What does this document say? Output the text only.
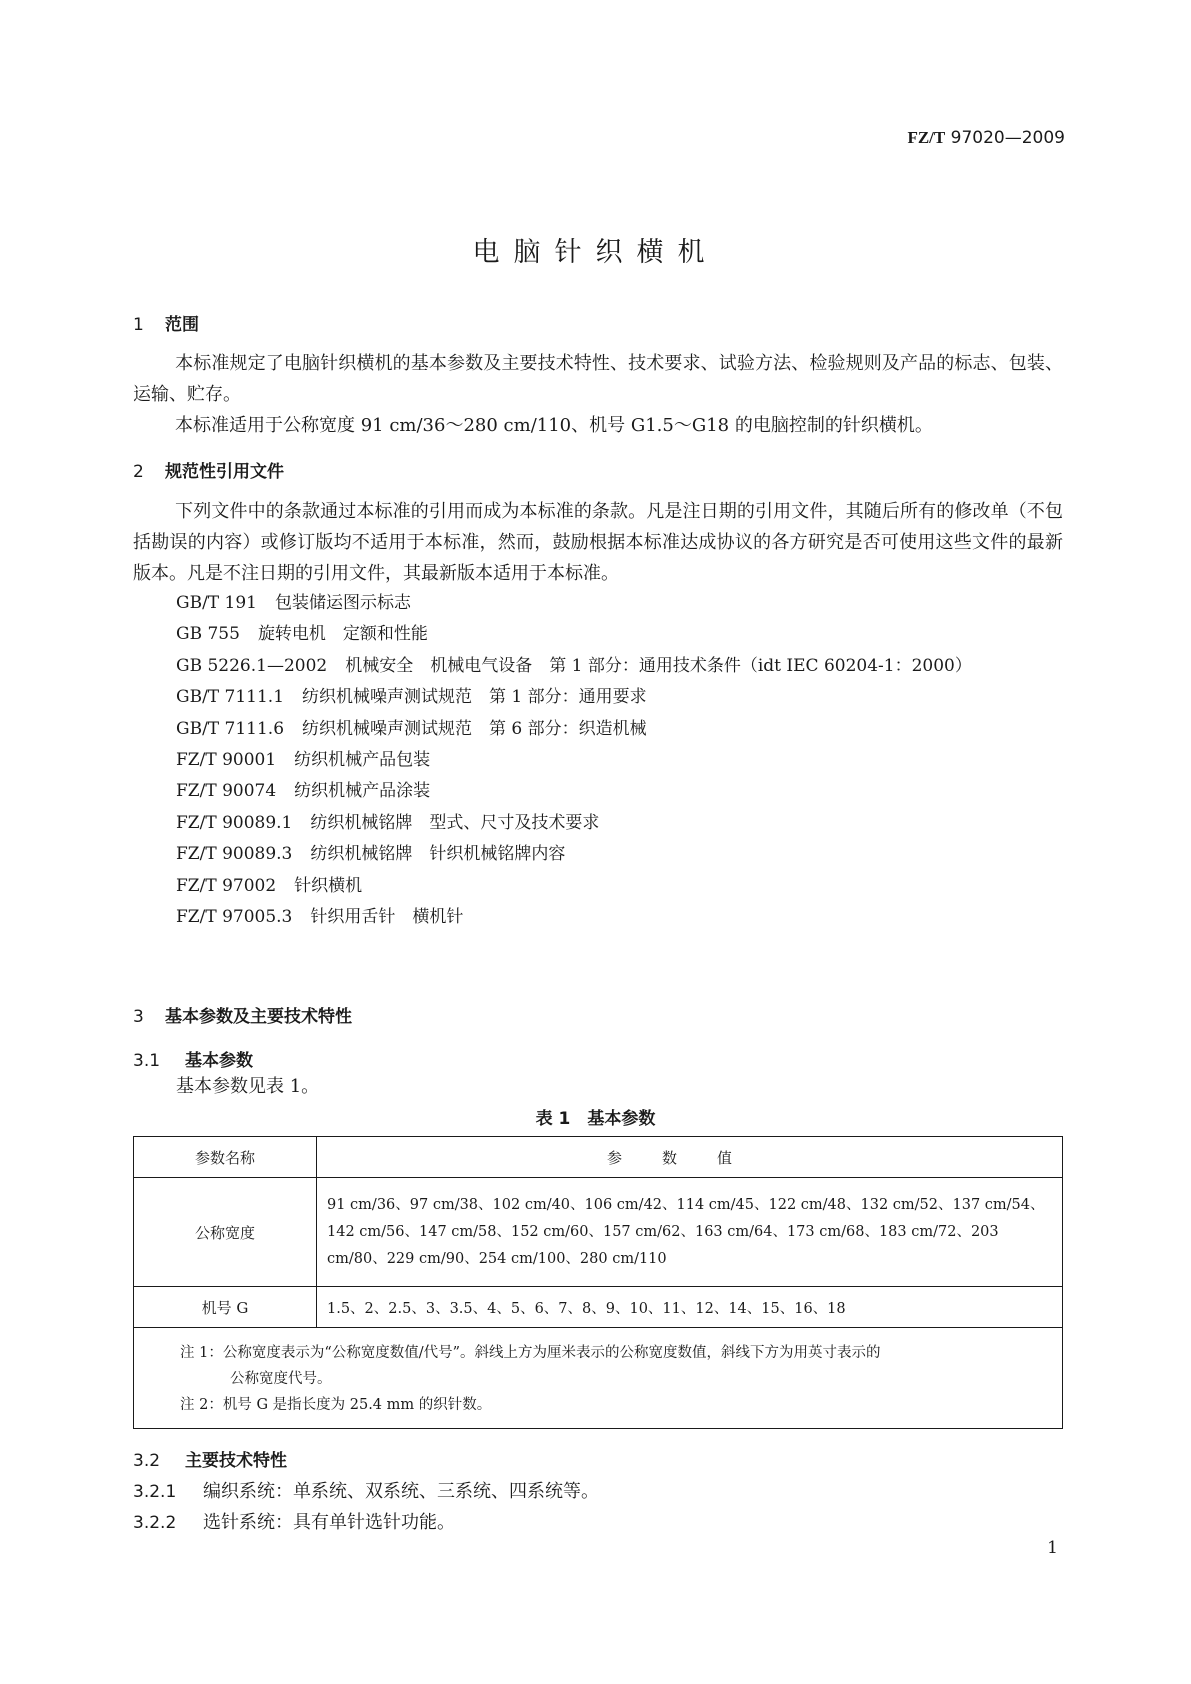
FZ/T 97020—2009
电脑针织横机
1 范围
本标准规定了电脑针织横机的基本参数及主要技术特性、技术要求、试验方法、检验规则及产品的标志、包装、运输、贮存。
本标准适用于公称宽度 91 cm/36～280 cm/110、机号 G1.5～G18 的电脑控制的针织横机。
2 规范性引用文件
下列文件中的条款通过本标准的引用而成为本标准的条款。凡是注日期的引用文件，其随后所有的修改单（不包括勘误的内容）或修订版均不适用于本标准，然而，鼓励根据本标准达成协议的各方研究是否可使用这些文件的最新版本。凡是不注日期的引用文件，其最新版本适用于本标准。
GB/T 191 包装储运图示标志
GB 755 旋转电机　定额和性能
GB 5226.1—2002 机械安全　机械电气设备　第 1 部分：通用技术条件（idt IEC 60204-1：2000）
GB/T 7111.1 纺织机械噪声测试规范　第 1 部分：通用要求
GB/T 7111.6 纺织机械噪声测试规范　第 6 部分：织造机械
FZ/T 90001 纺织机械产品包装
FZ/T 90074 纺织机械产品涂装
FZ/T 90089.1 纺织机械铭牌　型式、尺寸及技术要求
FZ/T 90089.3 纺织机械铭牌　针织机械铭牌内容
FZ/T 97002 针织横机
FZ/T 97005.3 针织用舌针　横机针
3 基本参数及主要技术特性
3.1 基本参数
基本参数见表 1。
表 1　基本参数
参数名称	参数值
公称宽度	91 cm/36、97 cm/38、102 cm/40、106 cm/42、114 cm/45、122 cm/48、132 cm/52、137 cm/54、142 cm/56、147 cm/58、152 cm/60、157 cm/62、163 cm/64、173 cm/68、183 cm/72、203 cm/80、229 cm/90、254 cm/100、280 cm/110
机号 G	1.5、2、2.5、3、3.5、4、5、6、7、8、9、10、11、12、14、15、16、18

注 1：公称宽度表示为“公称宽度数值/代号”。斜线上方为厘米表示的公称宽度数值，斜线下方为用英寸表示的
公称宽度代号。
注 2：机号 G 是指长度为 25.4 mm 的织针数。	
3.2 主要技术特性
3.2.1 编织系统：单系统、双系统、三系统、四系统等。
3.2.2 选针系统：具有单针选针功能。
1
